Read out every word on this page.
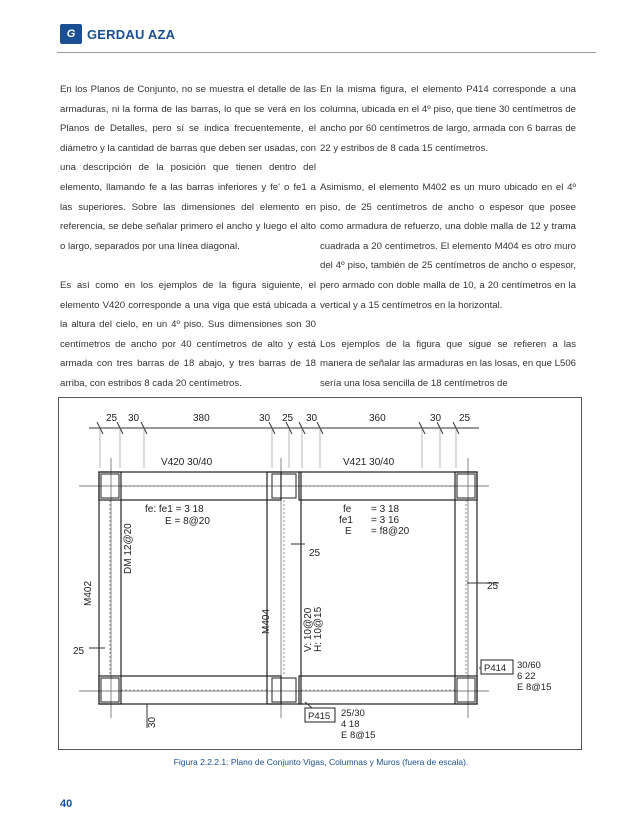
G GERDAU AZA

En los Planos de Conjunto, no se muestra el detalle de las armaduras, ni la forma de las barras, lo que se verá en los Planos de Detalles, pero sí se indica frecuentemente, el diámetro y la cantidad de barras que deben ser usadas, con una descripción de la posición que tienen dentro del elemento, llamando fe a las barras inferiores y fe' o fe1 a las superiores. Sobre las dimensiones del elemento en referencia, se debe señalar primero el ancho y luego el alto o largo, separados por una línea diagonal.

Es así como en los ejemplos de la figura siguiente, el elemento V420 corresponde a una viga que está ubicada a la altura del cielo, en un 4º piso. Sus dimensiones son 30 centímetros de ancho por 40 centímetros de alto y está armada con tres barras de 18 abajo, y tres barras de 18 arriba, con estribos 8 cada 20 centímetros.

En la misma figura, el elemento P414 corresponde a una columna, ubicada en el 4º piso, que tiene 30 centímetros de ancho por 60 centímetros de largo, armada con 6 barras de 22 y estribos de 8 cada 15 centímetros.

Asimismo, el elemento M402 es un muro ubicado en el 4º piso, de 25 centímetros de ancho o espesor que posee como armadura de refuerzo, una doble malla de 12 y trama cuadrada a 20 centímetros. El elemento M404 es otro muro del 4º piso, también de 25 centímetros de ancho o espesor, pero armado con doble malla de 10, a 20 centímetros en la vertical y a 15 centímetros en la horizontal.

Los ejemplos de la figura que sigue se refieren a las manera de señalar las armaduras en las losas, en que L506 sería una losa sencilla de 18 centímetros de

25 30	380	30 25 30	360	30 25
V420 30/40	V421 30/40
fe: fe1 = 3 18
E = 8@20
fe = 3 18
fe1 = 3 16
E = f8@20
25
25
25
DM 12@20
M402
M404	V: 10@20 H: 10@15
30
P414 30/60
6 22
E 8@15
P415 25/30
4 18
E 8@15
Figura 2.2.2.1: Plano de Conjunto Vigas, Columnas y Muros (fuera de escala).
40
